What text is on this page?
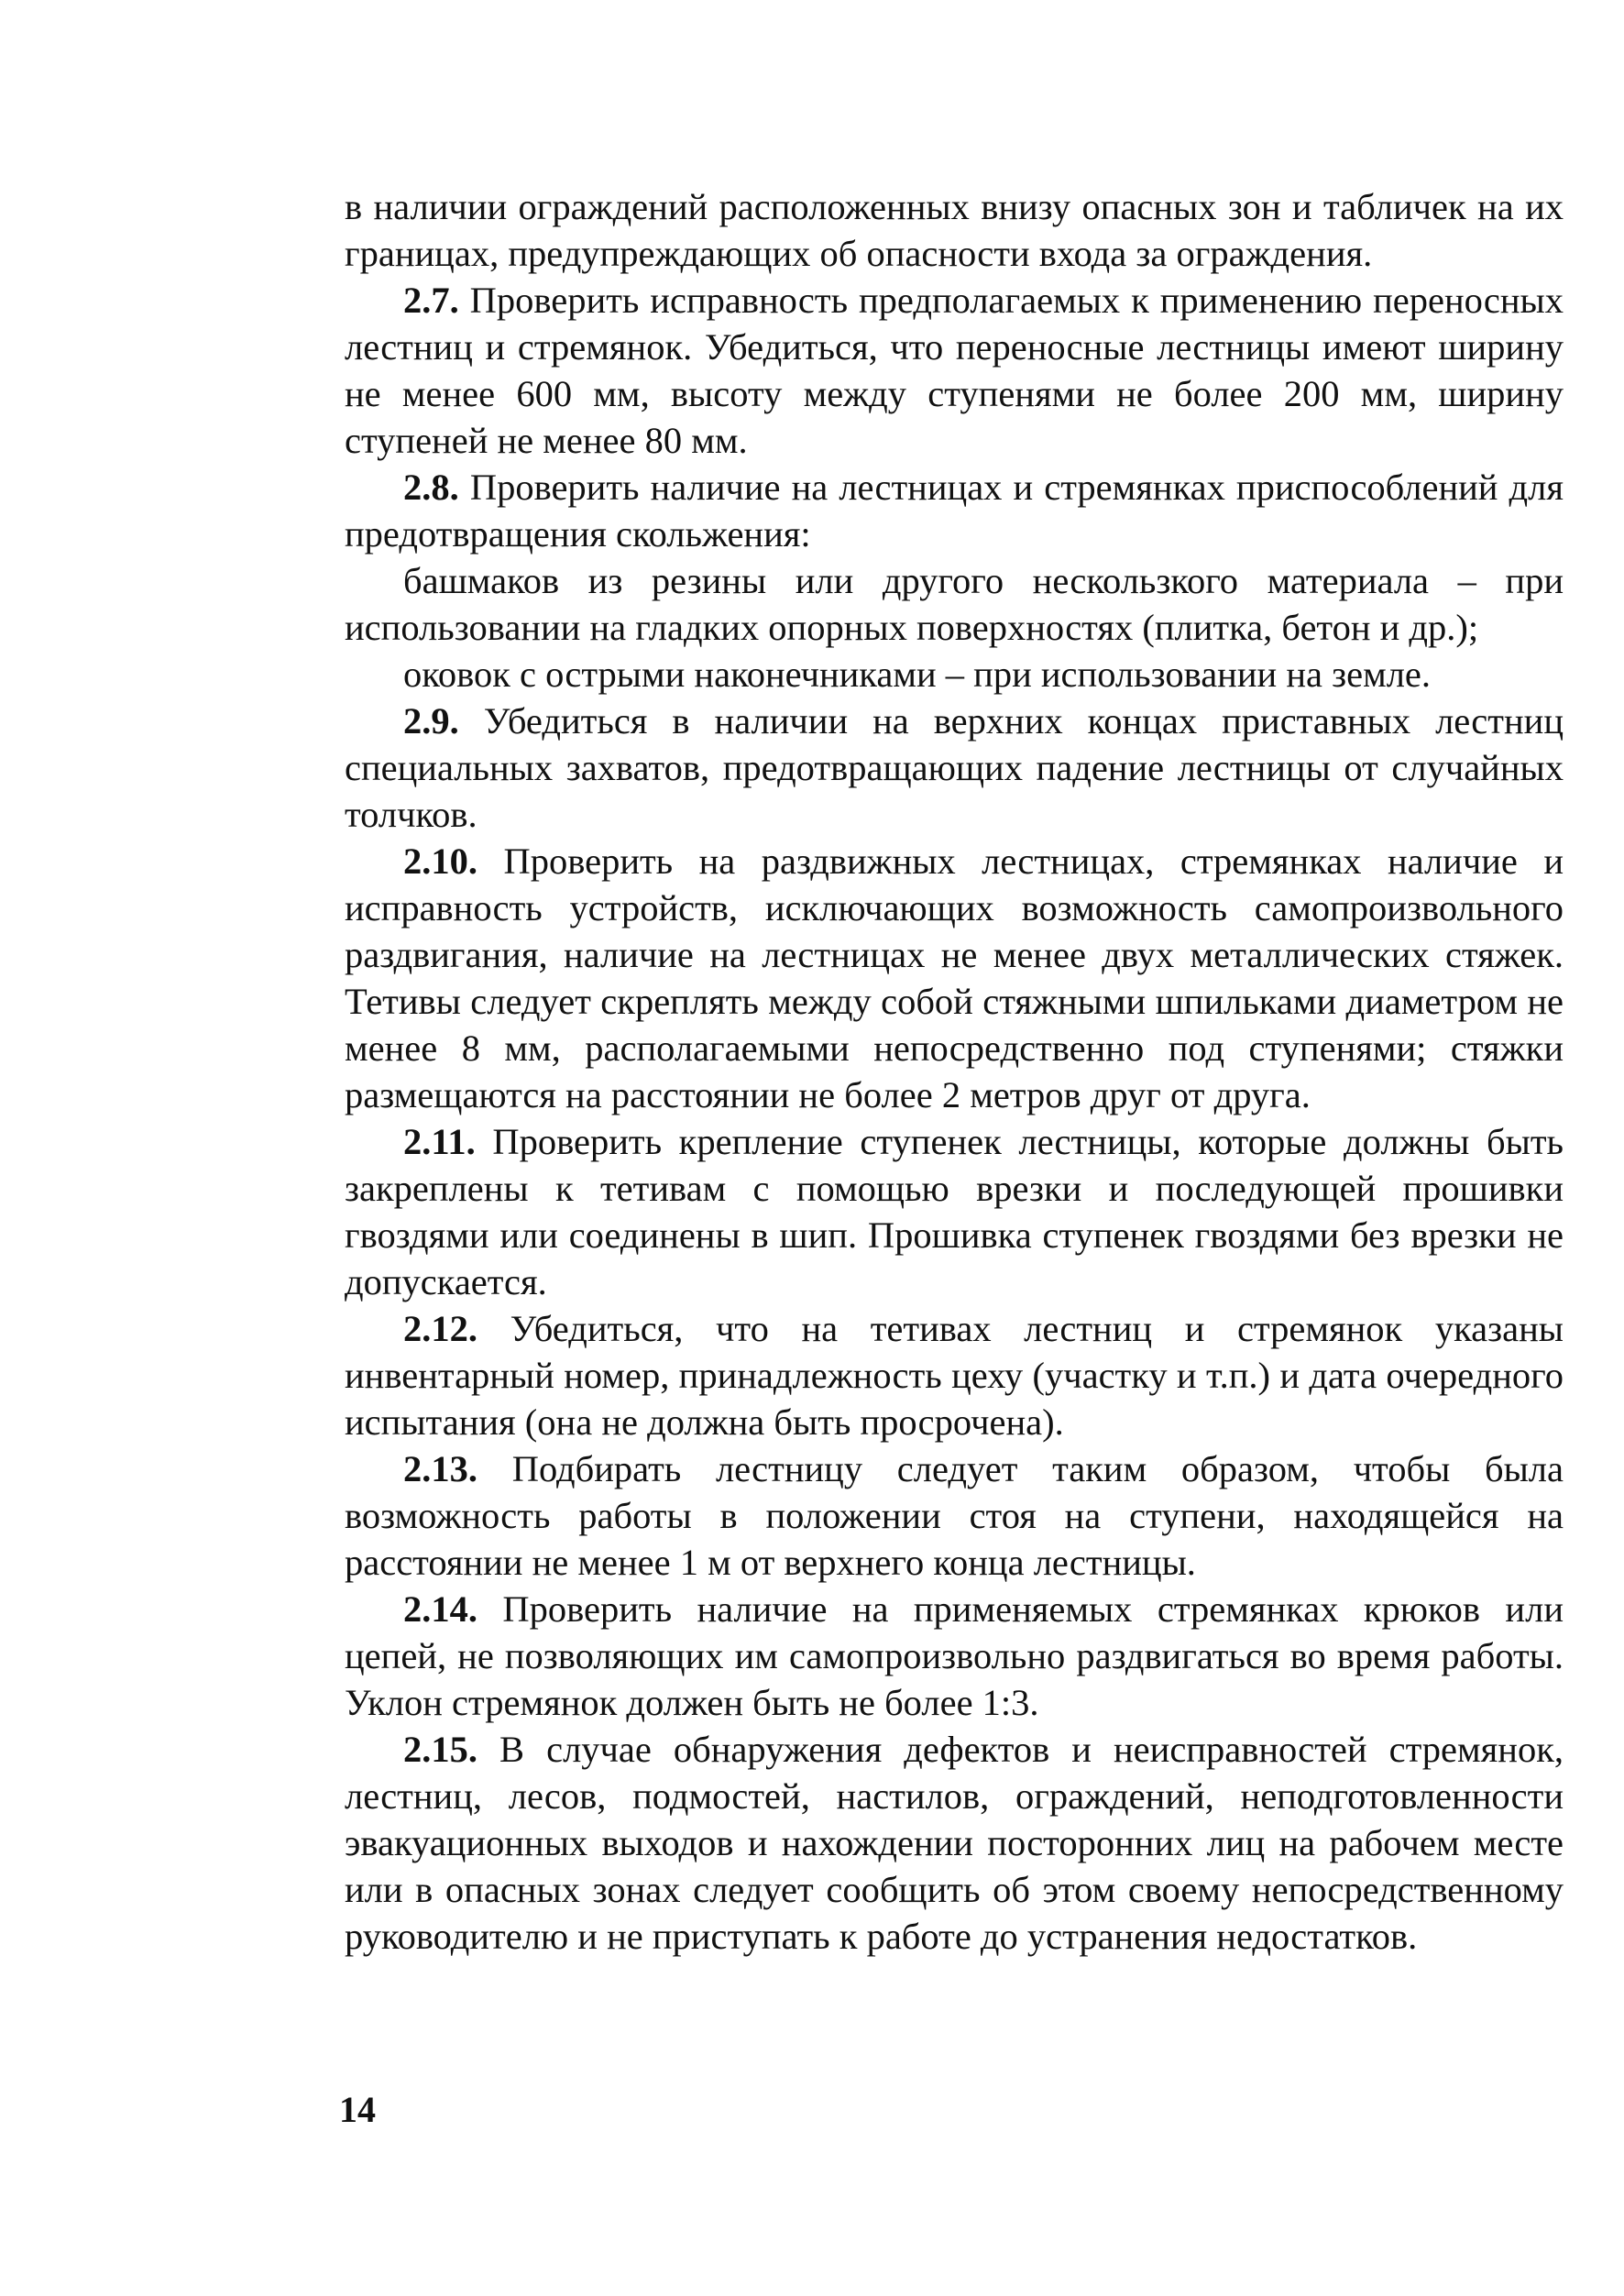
в наличии ограждений расположенных внизу опасных зон и табличек на их границах, предупреждающих об опасности входа за ограждения.

2.7. Проверить исправность предполагаемых к применению переносных лестниц и стремянок. Убедиться, что переносные лестницы имеют ширину не менее 600 мм, высоту между ступенями не более 200 мм, ширину ступеней не менее 80 мм.

2.8. Проверить наличие на лестницах и стремянках приспособлений для предотвращения скольжения:

башмаков из резины или другого нескользкого материала – при использовании на гладких опорных поверхностях (плитка, бетон и др.);

оковок с острыми наконечниками – при использовании на земле.

2.9. Убедиться в наличии на верхних концах приставных лестниц специальных захватов, предотвращающих падение лестницы от случайных толчков.

2.10. Проверить на раздвижных лестницах, стремянках наличие и исправность устройств, исключающих возможность самопроизвольного раздвигания, наличие на лестницах не менее двух металлических стяжек. Тетивы следует скреплять между собой стяжными шпильками диаметром не менее 8 мм, располагаемыми непосредственно под ступенями; стяжки размещаются на расстоянии не более 2 метров друг от друга.

2.11. Проверить крепление ступенек лестницы, которые должны быть закреплены к тетивам с помощью врезки и последующей прошивки гвоздями или соединены в шип. Прошивка ступенек гвоздями без врезки не допускается.

2.12. Убедиться, что на тетивах лестниц и стремянок указаны инвентарный номер, принадлежность цеху (участку и т.п.) и дата очередного испытания (она не должна быть просрочена).

2.13. Подбирать лестницу следует таким образом, чтобы была возможность работы в положении стоя на ступени, находящейся на расстоянии не менее 1 м от верхнего конца лестницы.

2.14. Проверить наличие на применяемых стремянках крюков или цепей, не позволяющих им самопроизвольно раздвигаться во время работы. Уклон стремянок должен быть не более 1:3.

2.15. В случае обнаружения дефектов и неисправностей стремянок, лестниц, лесов, подмостей, настилов, ограждений, неподготовленности эвакуационных выходов и нахождении посторонних лиц на рабочем месте или в опасных зонах следует сообщить об этом своему непосредственному руководителю и не приступать к работе до устранения недостатков.

14
